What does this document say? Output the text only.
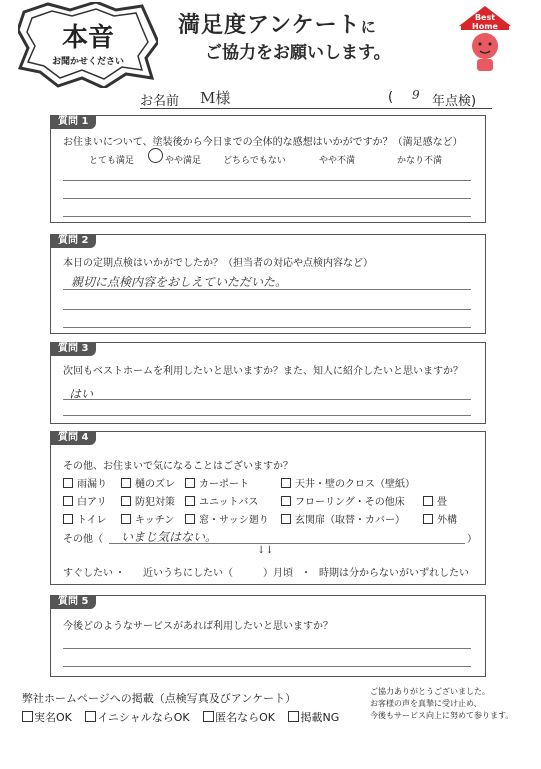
本音
お聞かせください
満足度アンケートに
ご協力をお願いします。
Best
Home
お名前 M様	( 9 年点検)
質問 1
お住まいについて、塗装後から今日までの全体的な感想はいかがですか？（満足感など）
とても満足	やや満足 どちらでもない	やや不満	かなり不満
質問 2
本日の定期点検はいかがでしたか？（担当者の対応や点検内容など）
親切に点検内容をおしえていただいた。
質問 3
次回もベストホームを利用したいと思いますか？また、知人に紹介したいと思いますか？
はい
質問 4
その他、お住まいで気になることはございますか？
雨漏り	樋のズレ	カーポート	天井・壁のクロス（壁紙）
白アリ	防犯対策	ユニットバス	フローリング・その他床	畳
トイレ	キッチン	窓・サッシ廻り	玄関扉（取替・カバー）	外構
その他（ いまじ気はない。	）
↓↓
すぐしたい ・ 近いうちにしたい（	）月頃 ・ 時期は分からないがいずれしたい
質問 5
今後どのようなサービスがあれば利用したいと思いますか？
弊社ホームページへの掲載（点検写真及びアンケート）
実名OK イニシャルならOK 匿名ならOK 掲載NG
ご協力ありがとうございました。
お客様の声を真摯に受け止め、
今後もサービス向上に努めて参ります。
